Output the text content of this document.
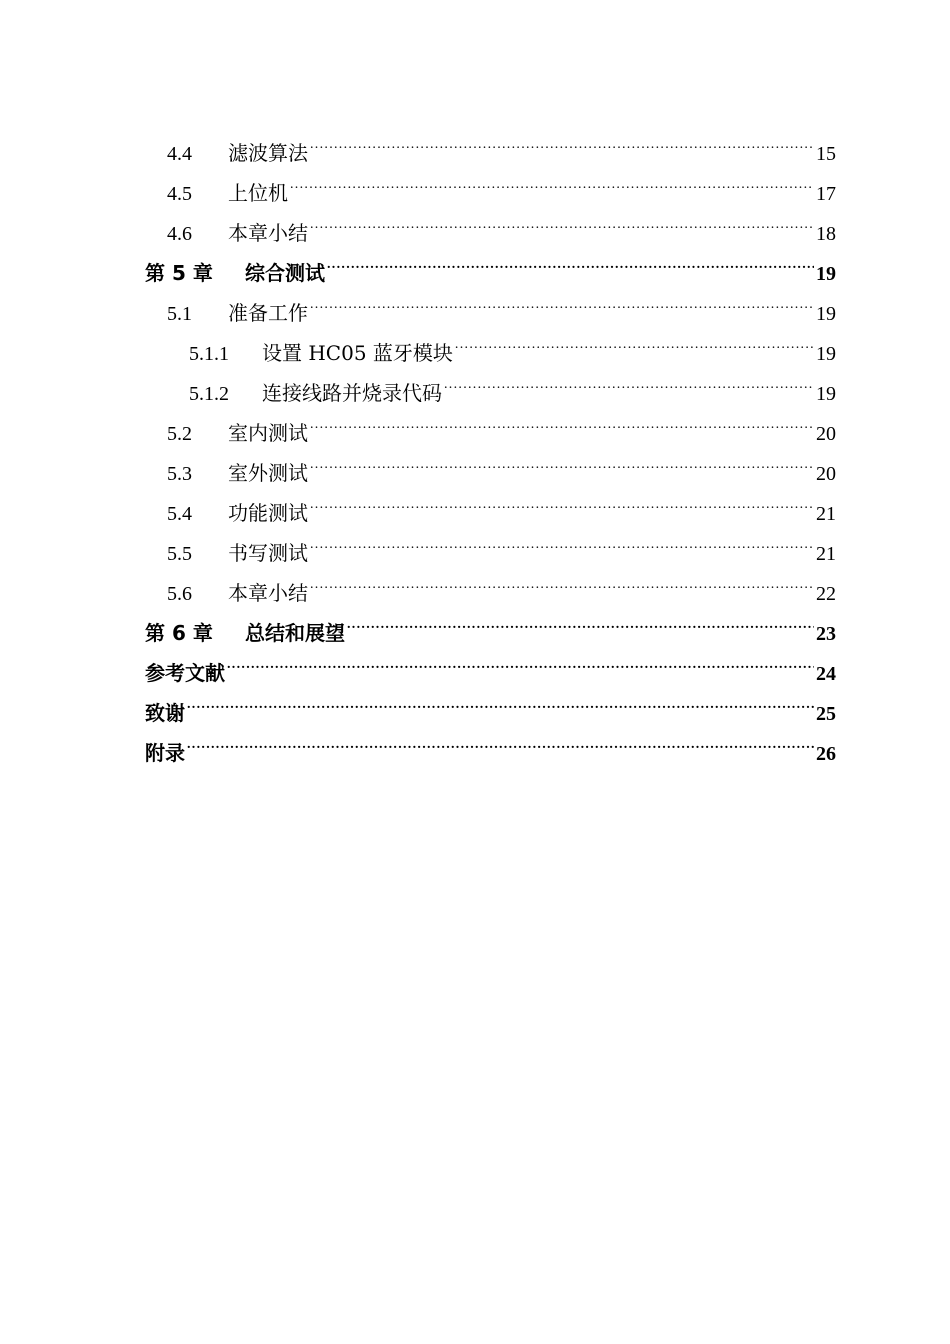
4.4	滤波算法 .....	15
4.5	上位机 .....	17
4.6	本章小结 .....	18
第 5 章	综合测试 .....	19
5.1	准备工作 .....	19
5.1.1	设置 HC05 蓝牙模块 .....	19
5.1.2	连接线路并烧录代码 .....	19
5.2	室内测试 .....	20
5.3	室外测试 .....	20
5.4	功能测试 .....	21
5.5	书写测试 .....	21
5.6	本章小结 .....	22
第 6 章	总结和展望 .....	23
参考文献 .....	24
致谢 .....	25
附录 .....	26
